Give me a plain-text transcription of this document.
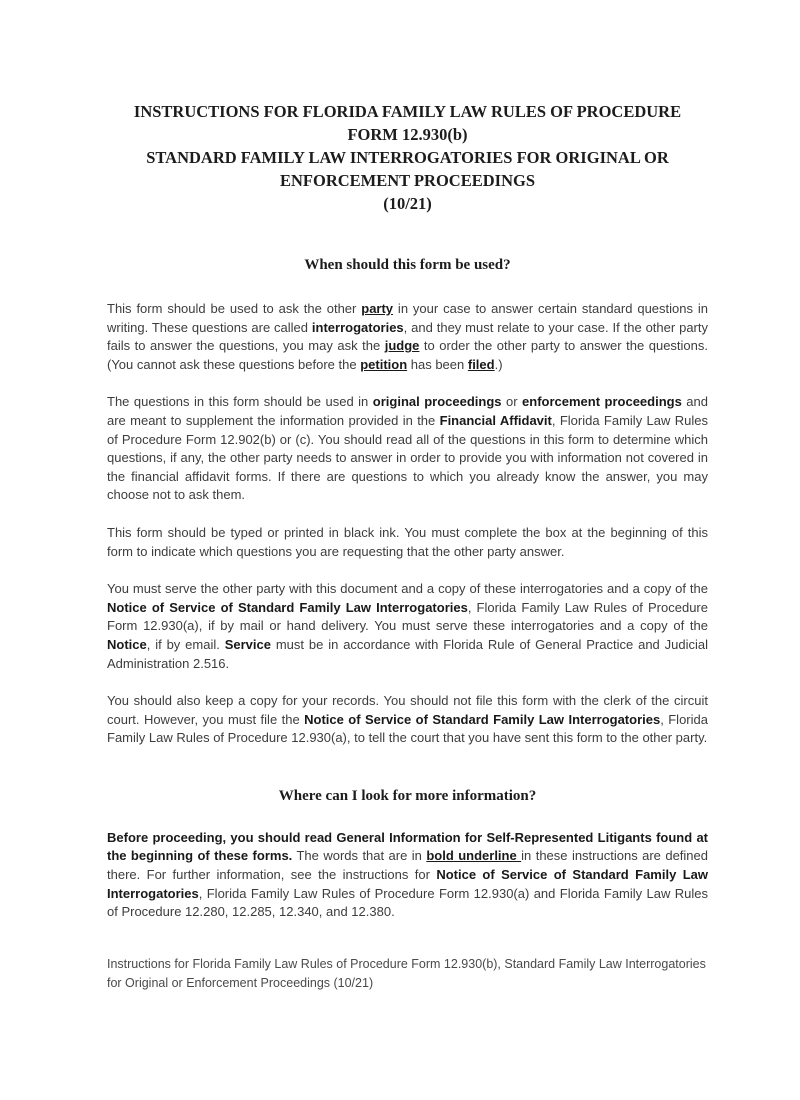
INSTRUCTIONS FOR FLORIDA FAMILY LAW RULES OF PROCEDURE
FORM 12.930(b)
STANDARD FAMILY LAW INTERROGATORIES FOR ORIGINAL OR
ENFORCEMENT PROCEEDINGS
(10/21)
When should this form be used?

This form should be used to ask the other party in your case to answer certain standard questions in writing. These questions are called interrogatories, and they must relate to your case. If the other party fails to answer the questions, you may ask the judge to order the other party to answer the questions. (You cannot ask these questions before the petition has been filed.)

The questions in this form should be used in original proceedings or enforcement proceedings and are meant to supplement the information provided in the Financial Affidavit, Florida Family Law Rules of Procedure Form 12.902(b) or (c). You should read all of the questions in this form to determine which questions, if any, the other party needs to answer in order to provide you with information not covered in the financial affidavit forms. If there are questions to which you already know the answer, you may choose not to ask them.

This form should be typed or printed in black ink. You must complete the box at the beginning of this form to indicate which questions you are requesting that the other party answer.

You must serve the other party with this document and a copy of these interrogatories and a copy of the Notice of Service of Standard Family Law Interrogatories, Florida Family Law Rules of Procedure Form 12.930(a), if by mail or hand delivery. You must serve these interrogatories and a copy of the Notice, if by email. Service must be in accordance with Florida Rule of General Practice and Judicial Administration 2.516.

You should also keep a copy for your records. You should not file this form with the clerk of the circuit court. However, you must file the Notice of Service of Standard Family Law Interrogatories, Florida Family Law Rules of Procedure 12.930(a), to tell the court that you have sent this form to the other party.

Where can I look for more information?

Before proceeding, you should read General Information for Self-Represented Litigants found at the beginning of these forms. The words that are in bold underline in these instructions are defined there. For further information, see the instructions for Notice of Service of Standard Family Law Interrogatories, Florida Family Law Rules of Procedure Form 12.930(a) and Florida Family Law Rules of Procedure 12.280, 12.285, 12.340, and 12.380.

Instructions for Florida Family Law Rules of Procedure Form 12.930(b), Standard Family Law Interrogatories for Original or Enforcement Proceedings (10/21)
